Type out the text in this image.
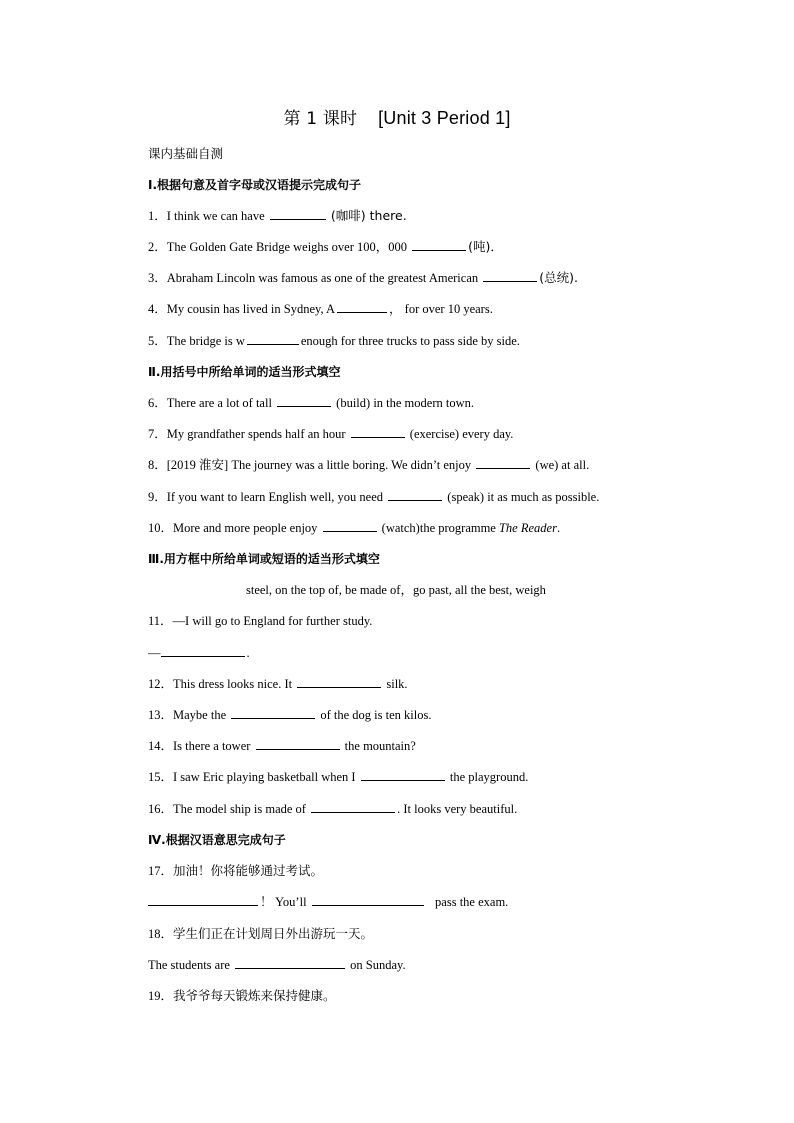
第 1 课时 [Unit 3 Period 1]
课内基础自测
Ⅰ.根据句意及首字母或汉语提示完成句子
1．I think we can have	(咖啡) there.
2．The Golden Gate Bridge weighs over 100，000	(吨)．
3．Abraham Lincoln was famous as one of the greatest American	(总统).
4．My cousin has lived in Sydney, A	， for over 10 years.
5．The bridge is w	enough for three trucks to pass side by side.
Ⅱ.用括号中所给单词的适当形式填空
6．There are a lot of tall	(build) in the modern town.
7．My grandfather spends half an hour	(exercise) every day.
8．[2019 淮安] The journey was a little boring. We didn’t enjoy	(we) at all.
9．If you want to learn English well, you need	(speak) it as much as possible.
10．More and more people enjoy	(watch)the programme The Reader.
Ⅲ.用方框中所给单词或短语的适当形式填空
steel, on the top of, be made of，go past, all the best, weigh
11．—I will go to England for further study.
—	.
12．This dress looks nice. It	silk.
13．Maybe the	of the dog is ten kilos.
14．Is there a tower	the mountain?
15．I saw Eric playing basketball when I	the playground.
16．The model ship is made of	. It looks very beautiful.
Ⅳ.根据汉语意思完成句子
17．加油！你将能够通过考试。
！ You’ll	pass the exam.
18．学生们正在计划周日外出游玩一天。
The students are	on Sunday.
19．我爷爷每天锻炼来保持健康。
